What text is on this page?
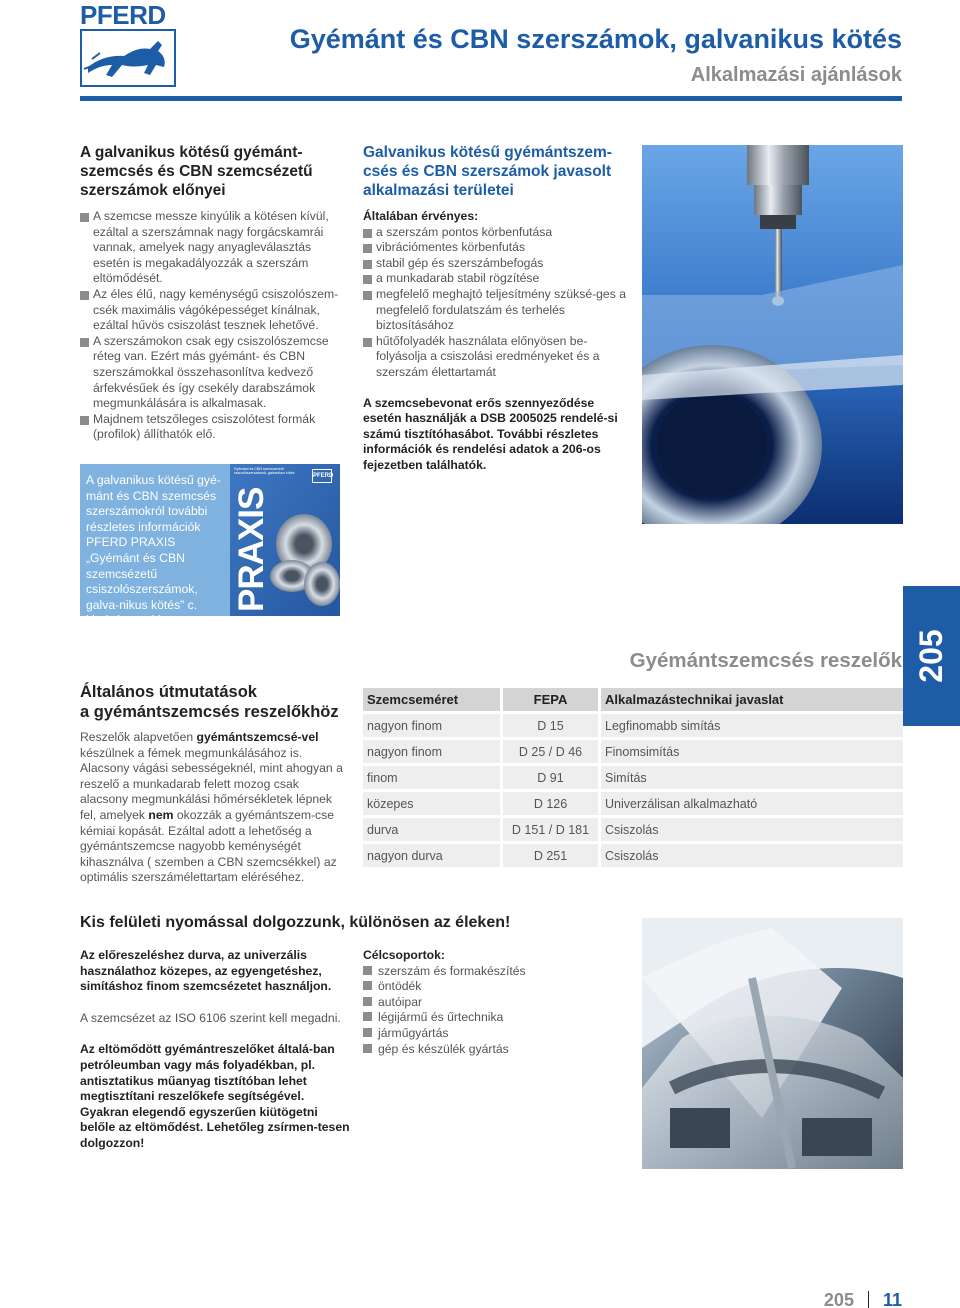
PFERD
Gyémánt és CBN szerszámok, galvanikus kötés
Alkalmazási ajánlások
A galvanikus kötésű gyémánt-szemcsés és CBN szemcsézetű szerszámok előnyei
A szemcse messze kinyúlik a kötésen kívül, ezáltal a szerszámnak nagy forgácskamrái vannak, amelyek nagy anyagleválasztás esetén is megakadályozzák a szerszám eltömődését.
Az éles élű, nagy keménységű csiszolószem-csék maximális vágóképességet kínálnak, ezáltal hűvös csiszolást tesznek lehetővé.
A szerszámokon csak egy csiszolószemcse réteg van. Ezért más gyémánt- és CBN szerszámokkal összehasonlítva kedvező árfekvésűek és így csekély darabszámok megmunkálására is alkalmasak.
Majdnem tetszőleges csiszolótest formák (profilok) állíthatók elő.
Galvanikus kötésű gyémántszem-csés és CBN szerszámok javasolt alkalmazási területei
Általában érvényes:
a szerszám pontos körbenfutása
vibrációmentes körbenfutás
stabil gép és szerszámbefogás
a munkadarab stabil rögzítése
megfelelő meghajtó teljesítmény szüksé-ges a megfelelő fordulatszám és terhelés biztosításához
hűtőfolyadék használata előnyösen be-folyásolja a csiszolási eredményeket és a szerszám élettartamát
A szemcsebevonat erős szennyeződése esetén használják a DSB 2005025 rendelé-si számú tisztítóhasábot. További részletes információk és rendelési adatok a 206-os fejezetben találhatók.
A galvanikus kötésű gyé-mánt és CBN szemcsés szerszámokról további részletes információk PFERD PRAXIS „Gyémánt és CBN szemcsézetű csiszolószerszámok, galva-nikus kötés” c. kiadvá-nyunkban találhatók.
Gyémánt és CBN szemcsézetű csiszolószerszámok, galvanikus kötés	PFERD
PRAXIS
205
Gyémántszemcsés reszelők
Általános útmutatások
a gyémántszemcsés reszelőkhöz
Reszelők alapvetően gyémántszemcsé-vel készülnek a fémek megmunkálásához is. Alacsony vágási sebességeknél, mint ahogyan a reszelő a munkadarab felett mozog csak alacsony megmunkálási hőmérsékletek lépnek fel, amelyek nem okozzák a gyémántszem-cse kémiai kopását. Ezáltal adott a lehetőség a gyémántszemcse nagyobb keménységét kihasználva ( szemben a CBN szemcsékkel) az optimális szerszámélettartam eléréséhez.
Szemcseméret	FEPA	Alkalmazástechnikai javaslat
nagyon finom	D 15	Legfinomabb simítás
nagyon finom	D 25 / D 46	Finomsimítás
finom	D 91	Simítás
közepes	D 126	Univerzálisan alkalmazható
durva	D 151 / D 181	Csiszolás
nagyon durva	D 251	Csiszolás
Kis felületi nyomással dolgozzunk, különösen az éleken!

Az előreszeléshez durva, az univerzális használathoz közepes, az egyengetéshez, simításhoz finom szemcsézetet használjon.

A szemcsézet az ISO 6106 szerint kell megadni.

Az eltömődött gyémántreszelőket általá-ban petróleumban vagy más folyadékban, pl. antisztatikus műanyag tisztítóban lehet megtisztítani reszelőkefe segítségével. Gyakran elegendő egyszerűen kiütögetni belőle az eltömődést. Lehetőleg zsírmen-tesen dolgozzon!

Célcsoportok:
szerszám és formakészítés
öntödék
autóipar
légijármű és űrtechnika
járműgyártás
gép és készülék gyártás
205 11
